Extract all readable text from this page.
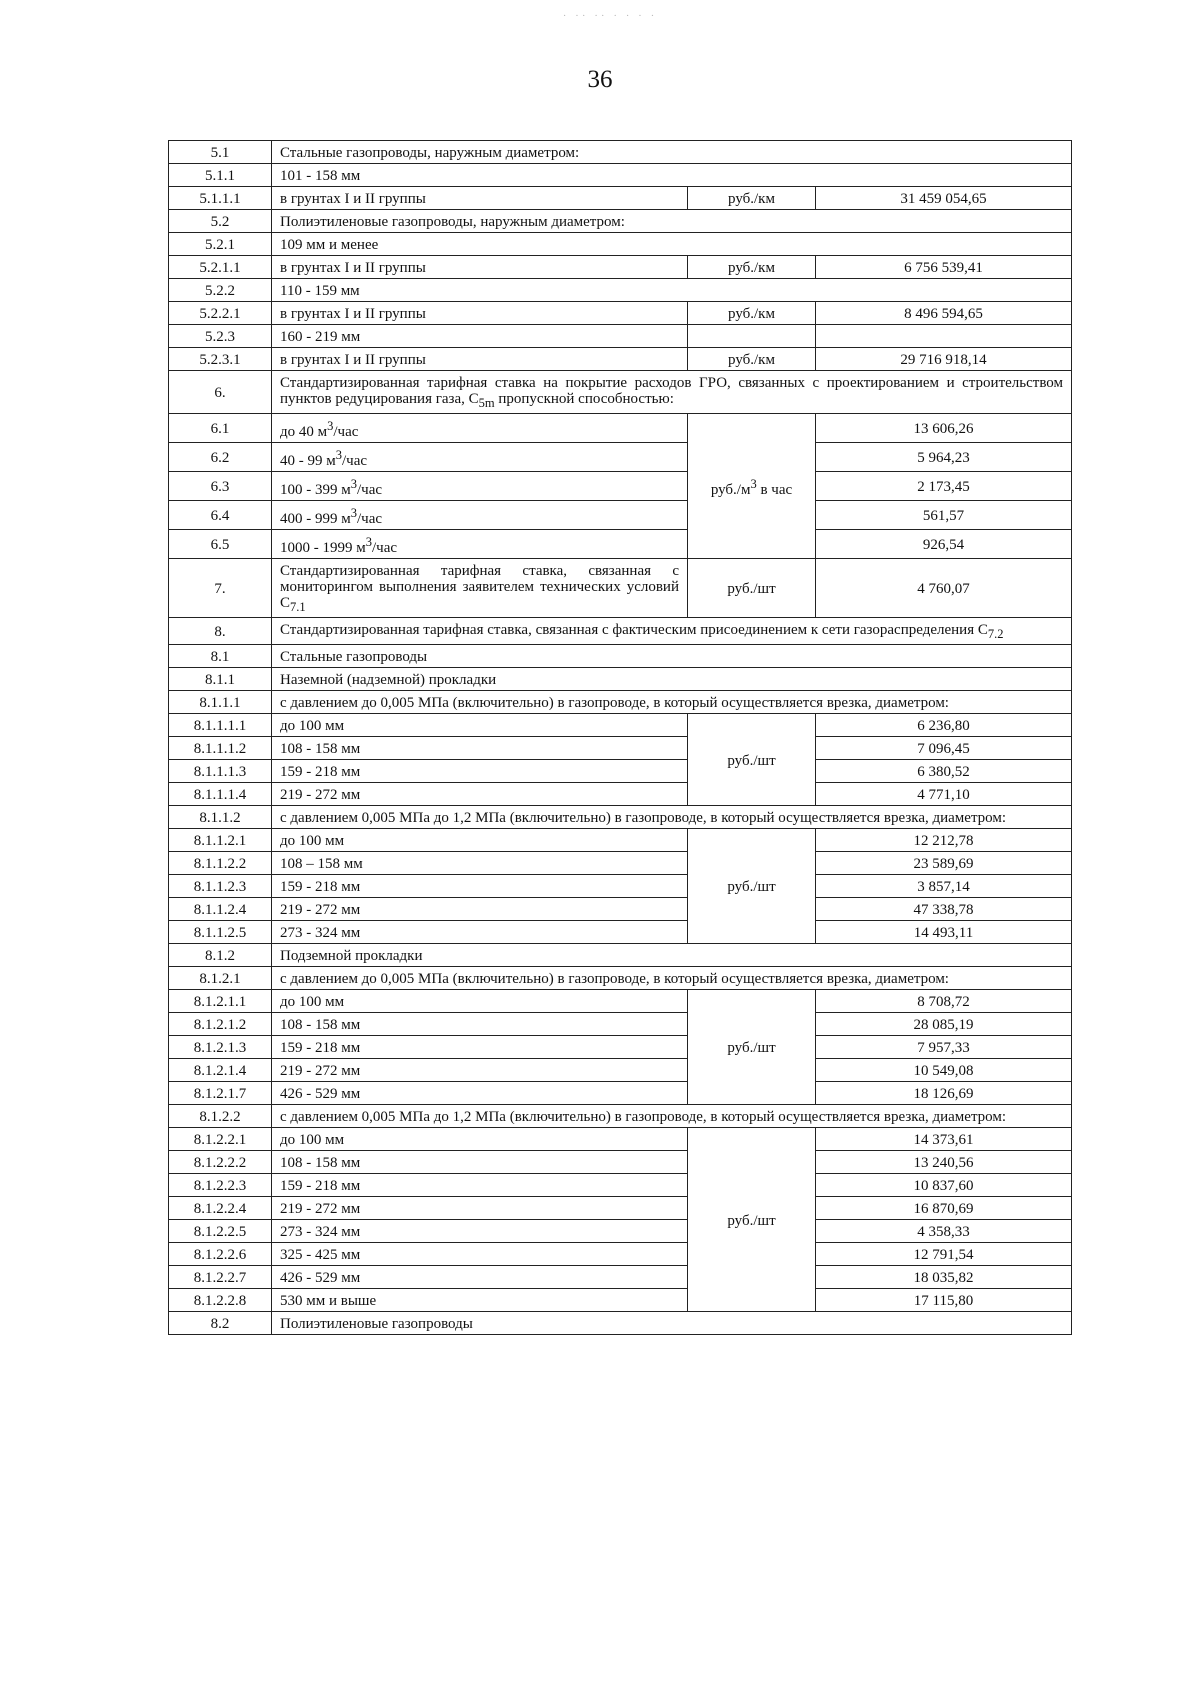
· ·· ·· · · · ·
36
5.1	Стальные газопроводы, наружным диаметром:		
5.1.1	101 - 158 мм		
5.1.1.1	в грунтах I и II группы	руб./км	31 459 054,65
5.2	Полиэтиленовые газопроводы, наружным диаметром:		
5.2.1	109 мм и менее		
5.2.1.1	в грунтах I и II группы	руб./км	6 756 539,41
5.2.2	110 - 159 мм		
5.2.2.1	в грунтах I и II группы	руб./км	8 496 594,65
5.2.3	160 - 219 мм		
5.2.3.1	в грунтах I и II группы	руб./км	29 716 918,14
6.	Стандартизированная тарифная ставка на покрытие расходов ГРО, связанных с проектированием и строительством пунктов редуцирования газа, $C_{5m}$ пропускной способностью:		
6.1	до 40 $м^3$/час	$руб./м^3$ в час	13 606,26
6.2	40 - 99 $м^3$/час		5 964,23
6.3	100 - 399 $м^3$/час		2 173,45
6.4	400 - 999 $м^3$/час		561,57
6.5	1000 - 1999 $м^3$/час		926,54
7.	Стандартизированная тарифная ставка, связанная с мониторингом выполнения заявителем технических условий $C_{7.1}$	руб./шт	4 760,07
8.	Стандартизированная тарифная ставка, связанная с фактическим присоединением к сети газораспределения $C_{7.2}$
8.1	Стальные газопроводы		
8.1.1	Наземной (надземной) прокладки		
8.1.1.1	с давлением до 0,005 МПа (включительно) в газопроводе, в который осуществляется врезка, диаметром:		
8.1.1.1.1	до 100 мм	руб./шт	6 236,80
8.1.1.1.2	108 - 158 мм		7 096,45
8.1.1.1.3	159 - 218 мм		6 380,52
8.1.1.1.4	219 - 272 мм		4 771,10
8.1.1.2	с давлением 0,005 МПа до 1,2 МПа (включительно) в газопроводе, в который осуществляется врезка, диаметром:		
8.1.1.2.1	до 100 мм	руб./шт	12 212,78
8.1.1.2.2	108 – 158 мм		23 589,69
8.1.1.2.3	159 - 218 мм		3 857,14
8.1.1.2.4	219 - 272 мм		47 338,78
8.1.1.2.5	273 - 324 мм		14 493,11
8.1.2	Подземной прокладки		
8.1.2.1	с давлением до 0,005 МПа (включительно) в газопроводе, в который осуществляется врезка, диаметром:		
8.1.2.1.1	до 100 мм	руб./шт	8 708,72
8.1.2.1.2	108 - 158 мм		28 085,19
8.1.2.1.3	159 - 218 мм		7 957,33
8.1.2.1.4	219 - 272 мм		10 549,08
8.1.2.1.7	426 - 529 мм		18 126,69
8.1.2.2	с давлением 0,005 МПа до 1,2 МПа (включительно) в газопроводе, в который осуществляется врезка, диаметром:		
8.1.2.2.1	до 100 мм	руб./шт	14 373,61
8.1.2.2.2	108 - 158 мм		13 240,56
8.1.2.2.3	159 - 218 мм		10 837,60
8.1.2.2.4	219 - 272 мм		16 870,69
8.1.2.2.5	273 - 324 мм		4 358,33
8.1.2.2.6	325 - 425 мм		12 791,54
8.1.2.2.7	426 - 529 мм		18 035,82
8.1.2.2.8	530 мм и выше		17 115,80
8.2	Полиэтиленовые газопроводы		
